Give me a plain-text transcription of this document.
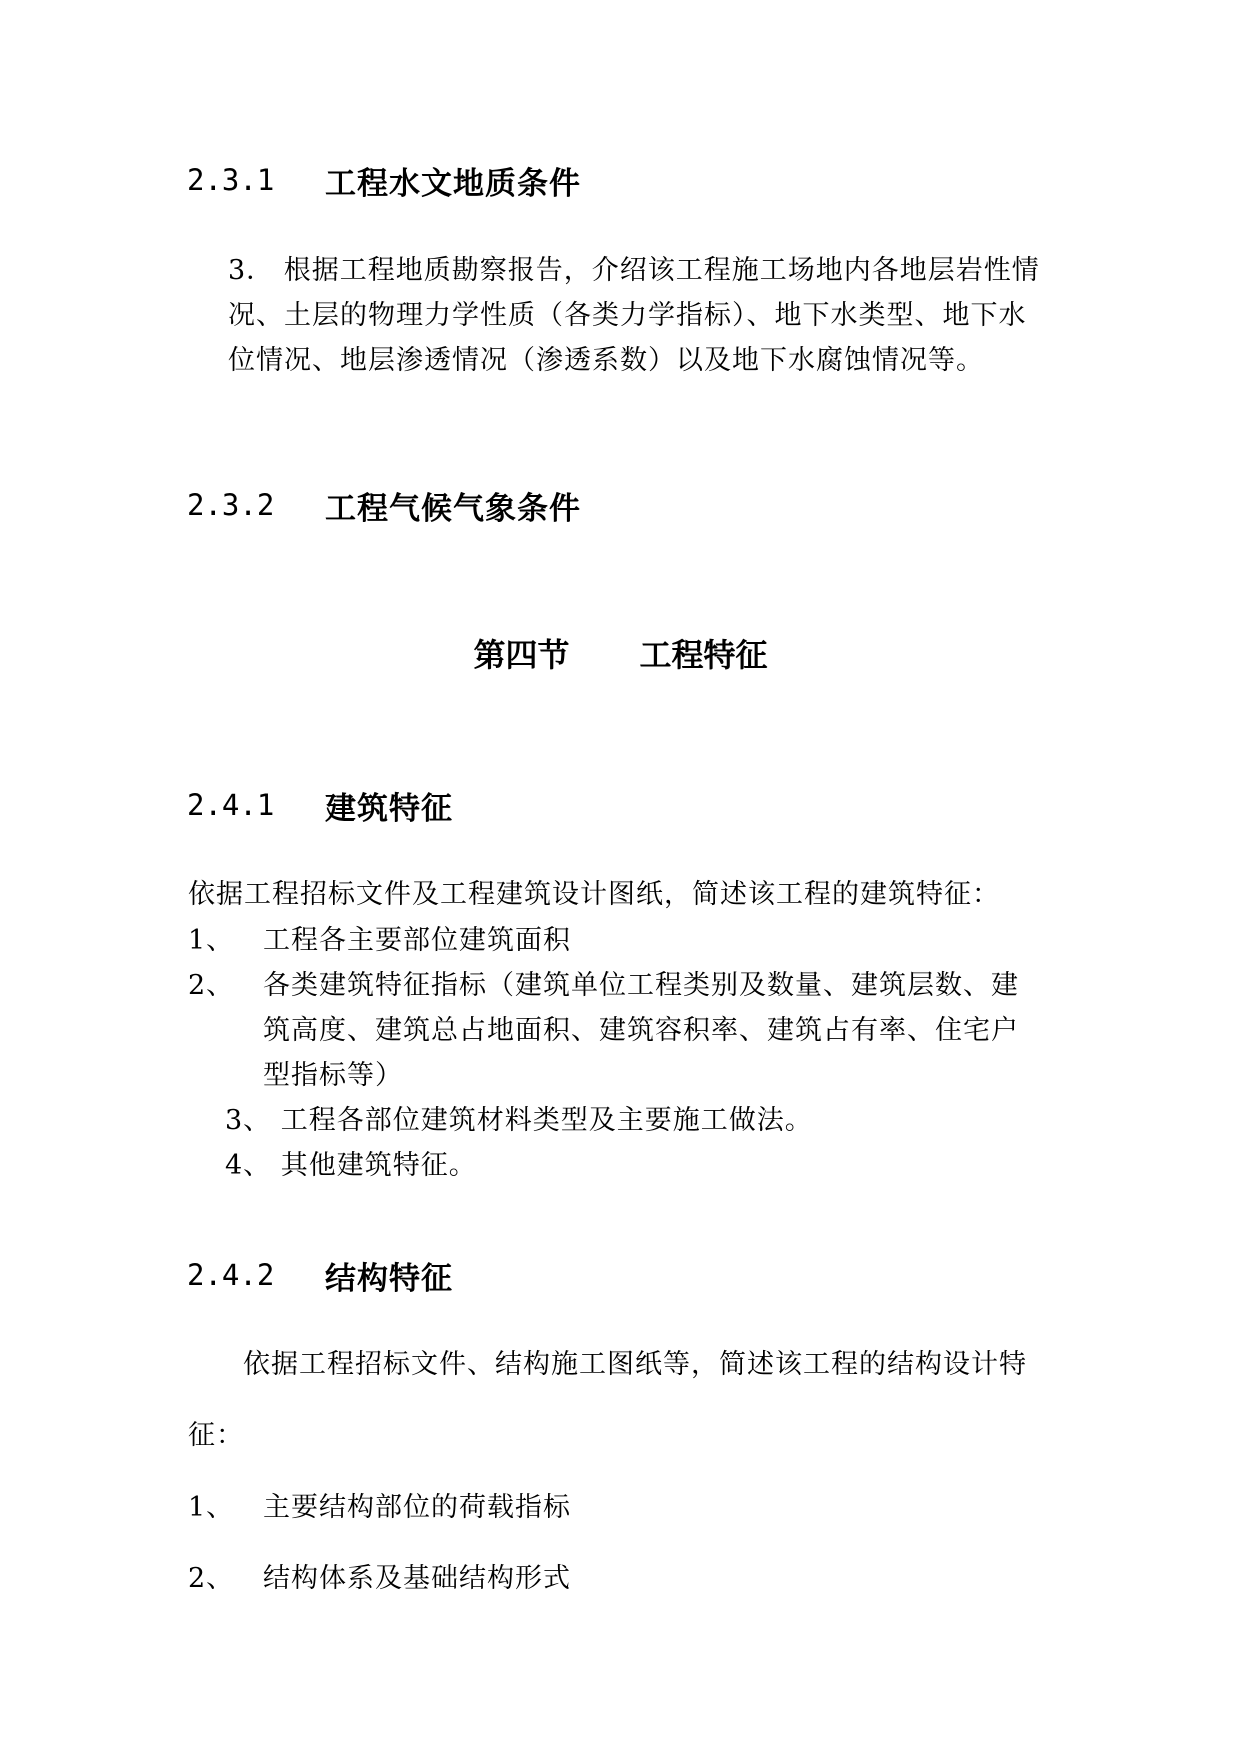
2.3.1	工程水文地质条件
3． 根据工程地质勘察报告，介绍该工程施工场地内各地层岩性情
况、土层的物理力学性质（各类力学指标）、地下水类型、地下水
位情况、地层渗透情况（渗透系数）以及地下水腐蚀情况等。
2.3.2	工程气候气象条件
第四节 工程特征
2.4.1	建筑特征
依据工程招标文件及工程建筑设计图纸，简述该工程的建筑特征：
1、 工程各主要部位建筑面积
2、 各类建筑特征指标（建筑单位工程类别及数量、建筑层数、建
筑高度、建筑总占地面积、建筑容积率、建筑占有率、住宅户
型指标等）
3、 工程各部位建筑材料类型及主要施工做法。
4、 其他建筑特征。
2.4.2	结构特征
依据工程招标文件、结构施工图纸等，简述该工程的结构设计特
征：
1、 主要结构部位的荷载指标
2、 结构体系及基础结构形式
